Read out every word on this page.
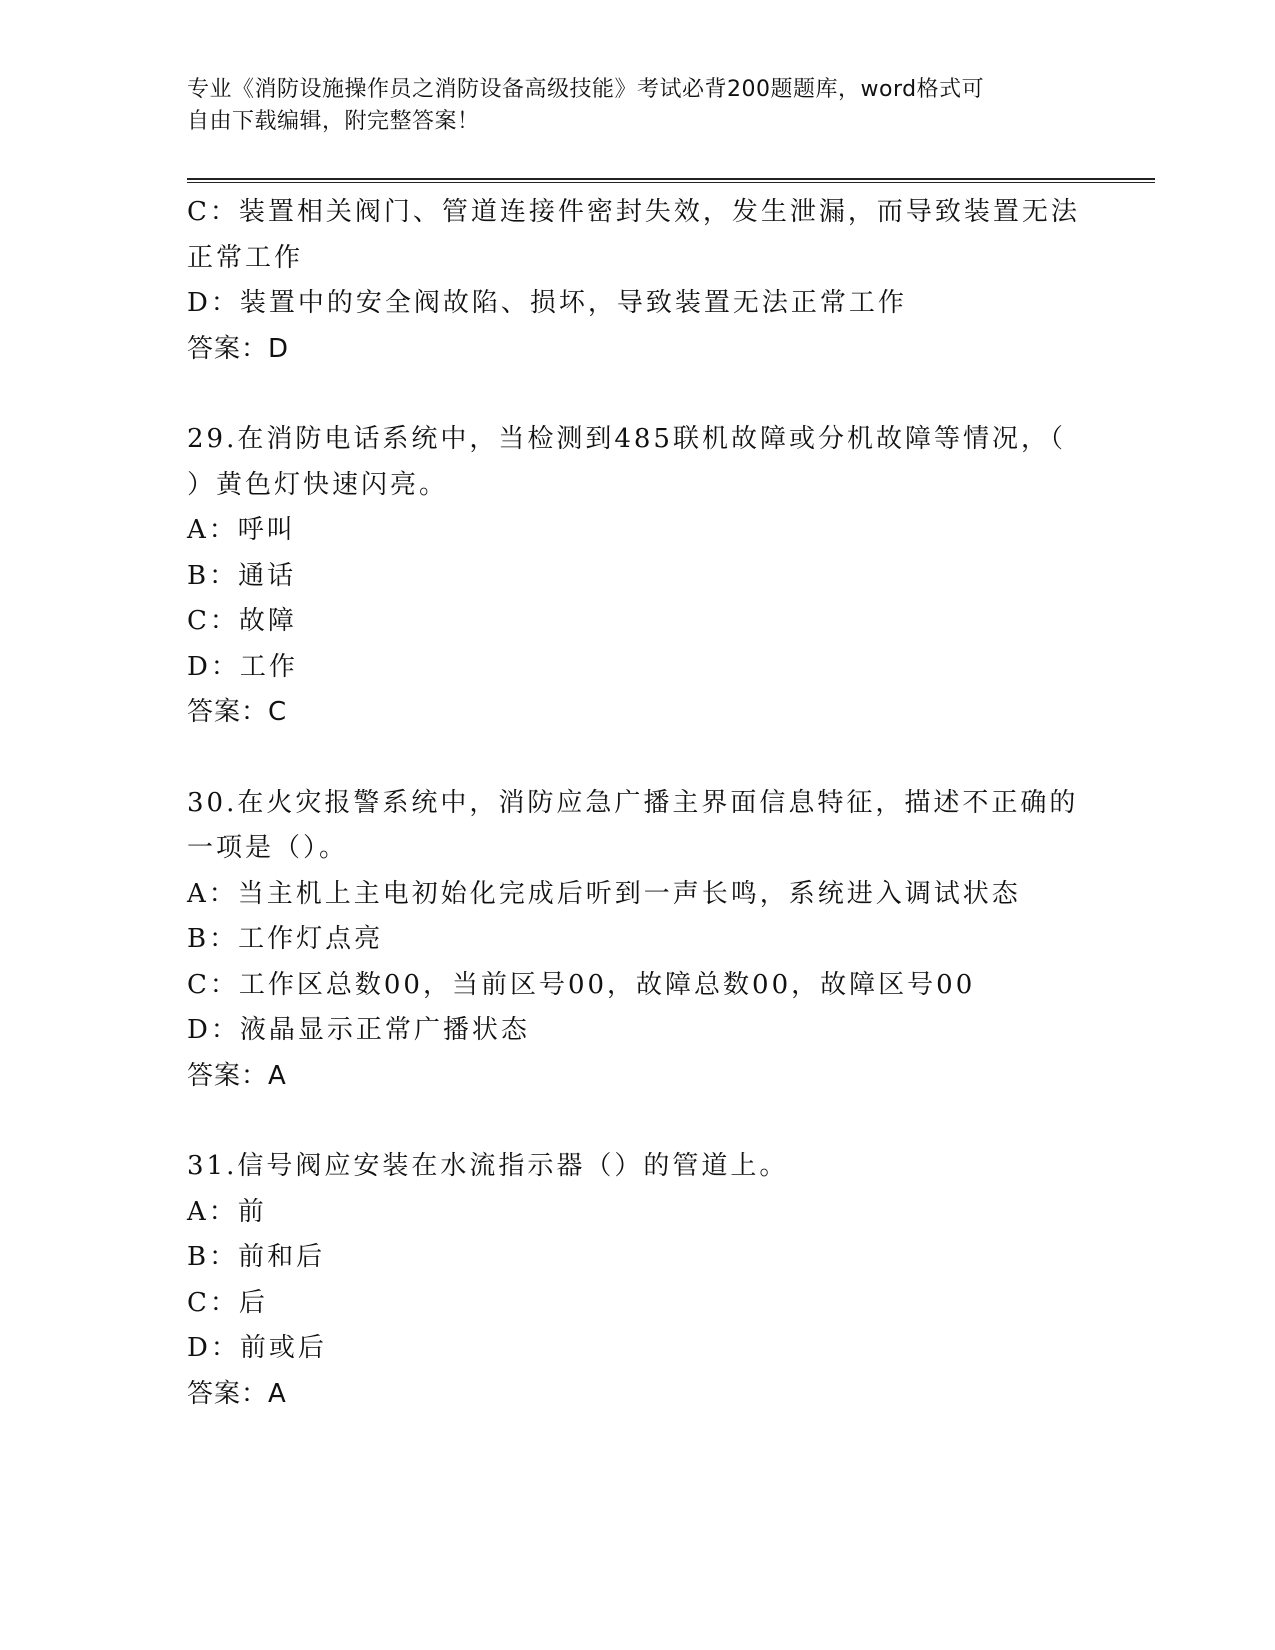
专业《消防设施操作员之消防设备高级技能》考试必背200题题库，word格式可
自由下载编辑，附完整答案！
C：装置相关阀门、管道连接件密封失效，发生泄漏，而导致装置无法
正常工作
D：装置中的安全阀故陷、损坏，导致装置无法正常工作
答案：D
29.在消防电话系统中，当检测到485联机故障或分机故障等情况，（
）黄色灯快速闪亮。
A：呼叫
B：通话
C：故障
D：工作
答案：C
30.在火灾报警系统中，消防应急广播主界面信息特征，描述不正确的
一项是（）。
A：当主机上主电初始化完成后听到一声长鸣，系统进入调试状态
B：工作灯点亮
C：工作区总数00，当前区号00，故障总数00，故障区号00
D：液晶显示正常广播状态
答案：A
31.信号阀应安装在水流指示器（）的管道上。
A：前
B：前和后
C：后
D：前或后
答案：A
